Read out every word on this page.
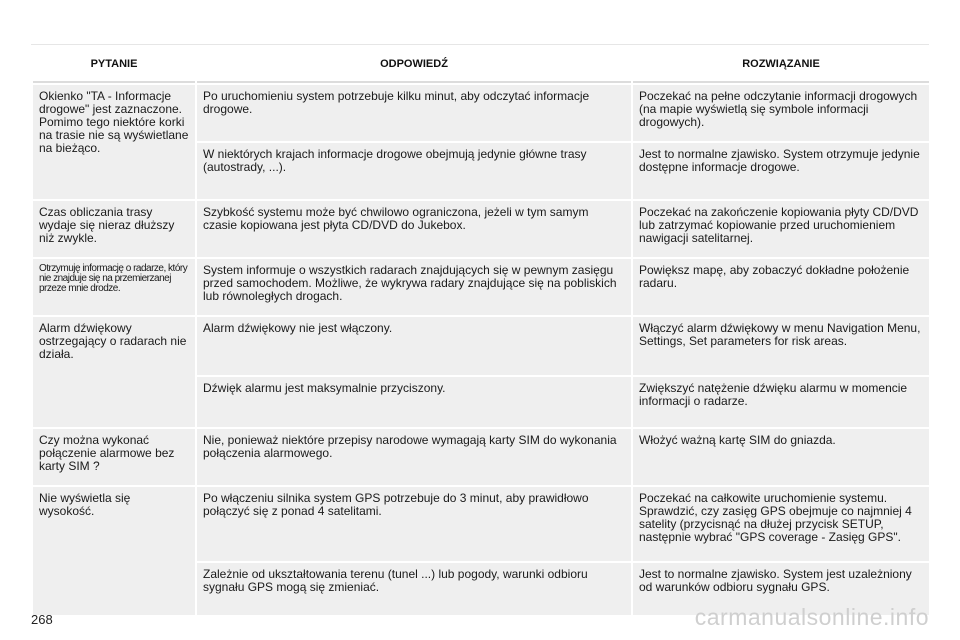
PYTANIE	ODPOWIEDŹ	ROZWIĄZANIE
Okienko "TA - Informacje drogowe" jest zaznaczone. Pomimo tego niektóre korki na trasie nie są wyświetlane na bieżąco.	Po uruchomieniu system potrzebuje kilku minut, aby odczytać informacje drogowe.	Poczekać na pełne odczytanie informacji drogowych (na mapie wyświetlą się symbole informacji drogowych).
	W niektórych krajach informacje drogowe obejmują jedynie główne trasy (autostrady, ...).	Jest to normalne zjawisko. System otrzymuje jedynie dostępne informacje drogowe.
Czas obliczania trasy wydaje się nieraz dłuższy niż zwykle.	Szybkość systemu może być chwilowo ograniczona, jeżeli w tym samym czasie kopiowana jest płyta CD/DVD do Jukebox.	Poczekać na zakończenie kopiowania płyty CD/DVD lub zatrzymać kopiowanie przed uruchomieniem nawigacji satelitarnej.
Otrzymuję informację o radarze, który nie znajduje się na przemierzanej przeze mnie drodze.	System informuje o wszystkich radarach znajdujących się w pewnym zasięgu przed samochodem. Możliwe, że wykrywa radary znajdujące się na pobliskich lub równoległych drogach.	Powiększ mapę, aby zobaczyć dokładne położenie radaru.
Alarm dźwiękowy ostrzegający o radarach nie działa.	Alarm dźwiękowy nie jest włączony.	Włączyć alarm dźwiękowy w menu Navigation Menu, Settings, Set parameters for risk areas.
	Dźwięk alarmu jest maksymalnie przyciszony.	Zwiększyć natężenie dźwięku alarmu w momencie informacji o radarze.
Czy można wykonać połączenie alarmowe bez karty SIM ?	Nie, ponieważ niektóre przepisy narodowe wymagają karty SIM do wykonania połączenia alarmowego.	Włożyć ważną kartę SIM do gniazda.
Nie wyświetla się wysokość.	Po włączeniu silnika system GPS potrzebuje do 3 minut, aby prawidłowo połączyć się z ponad 4 satelitami.	Poczekać na całkowite uruchomienie systemu. Sprawdzić, czy zasięg GPS obejmuje co najmniej 4 satelity (przycisnąć na dłużej przycisk SETUP, następnie wybrać "GPS coverage - Zasięg GPS".
	Zależnie od ukształtowania terenu (tunel ...) lub pogody, warunki odbioru sygnału GPS mogą się zmieniać.	Jest to normalne zjawisko. System jest uzależniony od warunków odbioru sygnału GPS.
268	carmanualsonline.info
